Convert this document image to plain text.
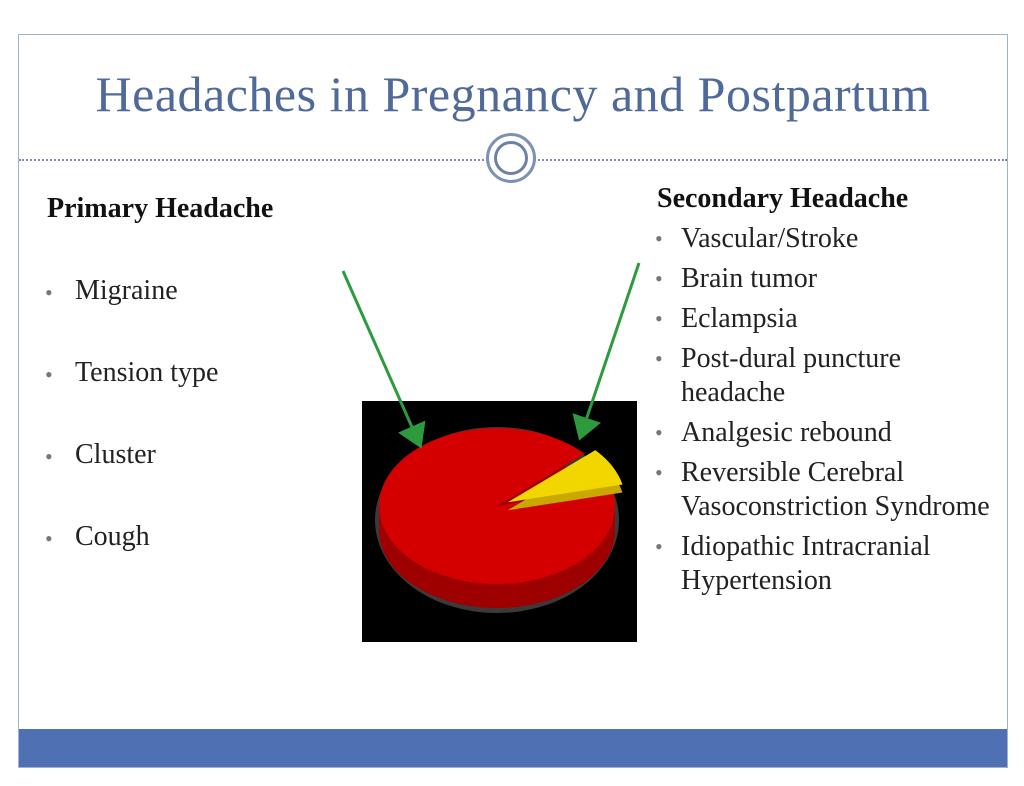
Headaches in Pregnancy and Postpartum
Primary Headache
• Migraine
• Tension type
• Cluster
• Cough
Secondary Headache
• Vascular/Stroke
• Brain tumor
• Eclampsia
• Post-dural puncture headache
• Analgesic rebound
• Reversible Cerebral Vasoconstriction Syndrome
• Idiopathic Intracranial Hypertension
